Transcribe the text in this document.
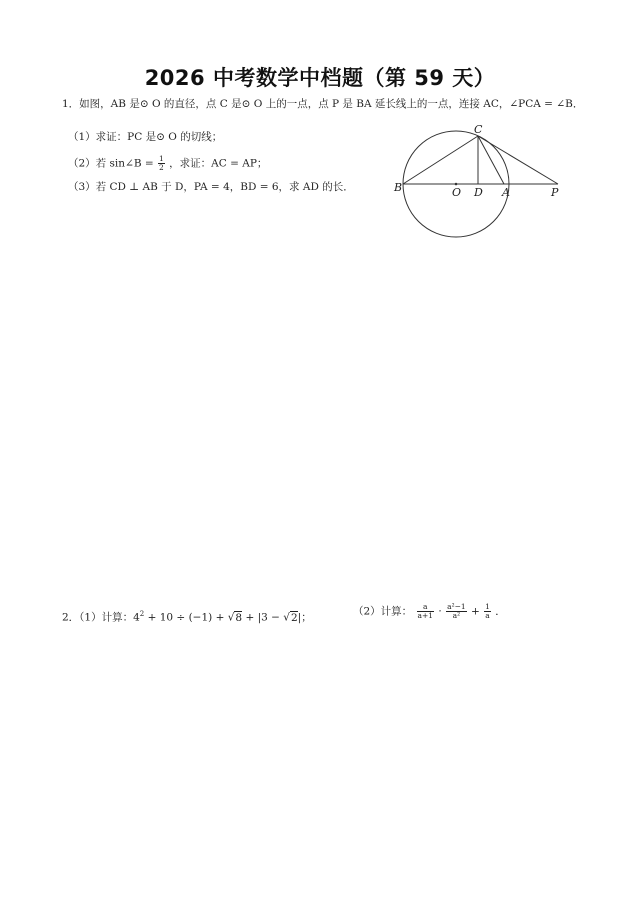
2026 中考数学中档题（第 59 天）
1．如图，AB 是⊙ O 的直径，点 C 是⊙ O 上的一点，点 P 是 BA 延长线上的一点，连接 AC，∠PCA = ∠B．
（1）求证：PC 是⊙ O 的切线；
（2）若 sin∠B = $\frac{1}{2}$ ，求证：AC = AP；
（3）若 CD ⊥ AB 于 D，PA = 4，BD = 6，求 AD 的长．
C
B	O D A	P
2．（1）计算：$4^2 + 10 \div (-1) + √8 + |3 - √2|$；	（2）计算： $\frac{a}{a+1} \cdot \frac{\text{a²−1}}{\text{a²}} + \frac{1}{a}$ ．
